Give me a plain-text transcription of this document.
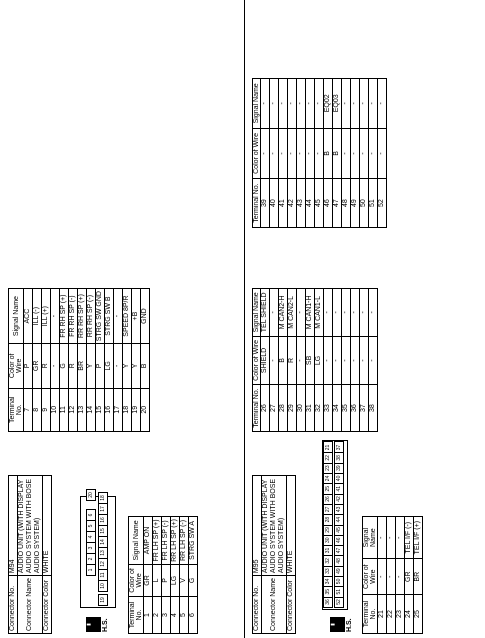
Connector No.	M94
Connector Name	AUDIO UNIT (WITH DISPLAY AUDIO SYSTEM WITH BOSE AUDIO SYSTEM)
Connector Color	WHITE
▮	H.S.
1
2
3
4
5
6
10
11
12
13
14
15
16
17
18
19
20
Terminal No.	Color of Wire	Signal Name
1	GR	AMP ON
2	L	FR LH SP (+)
3	P	FR LH SP (-)
4	LG	RR LH SP (+)
5	V	RR LH SP (-)
6	G	STRG SW A
Terminal No.	Color of Wire	Signal Name
7	P	ACC
8	GR	ILL (-)
9	R	ILL (+)
10	-	-
11	G	FR RH SP (+)
12	R	FR RH SP (-)
13	BR	RR RH SP (+)
14	Y	RR RH SP (-)
15	P	STRG SW GND
16	LG	STRG SW B
17	-	-
18	Y	SPEED 8P/R
19	Y	+B
20	B	GND
Connector No.	M95
Connector Name	AUDIO UNIT (WITH DISPLAY AUDIO SYSTEM WITH BOSE AUDIO SYSTEM)
Connector Color	WHITE
▮	H.S.
36
35
34
33
32
31
30
29
28
27
26
25
24
23
22
21
52
51
50
49
48
47
46
45
44
43
42
41
40
39
38
37
Terminal No.	Color of Wire	Signal Name
21	-	-
22	-	-
23	-	-
24	GR	TEL I/F (-)
25	BR	TEL I/F (+)
Terminal No.	Color of Wire	Signal Name
26	SHIELD	TEL SHIELD
27	-	-
28	B	M CAN2-H
29	R	M CAN2-L
30	-	-
31	SB	M CAN1-H
32	LG	M CAN1-L
33	-	-
34	-	-
35	-	-
36	-	-
37	-	-
38	-	-
Terminal No.	Color of Wire	Signal Name
39	-	-
40	-	-
41	-	-
42	-	-
43	-	-
44	-	-
45	-	-
46	B	EQ02
47	B	EQ03
48	-	-
49	-	-
50	-	-
51	-	-
52	-	-
